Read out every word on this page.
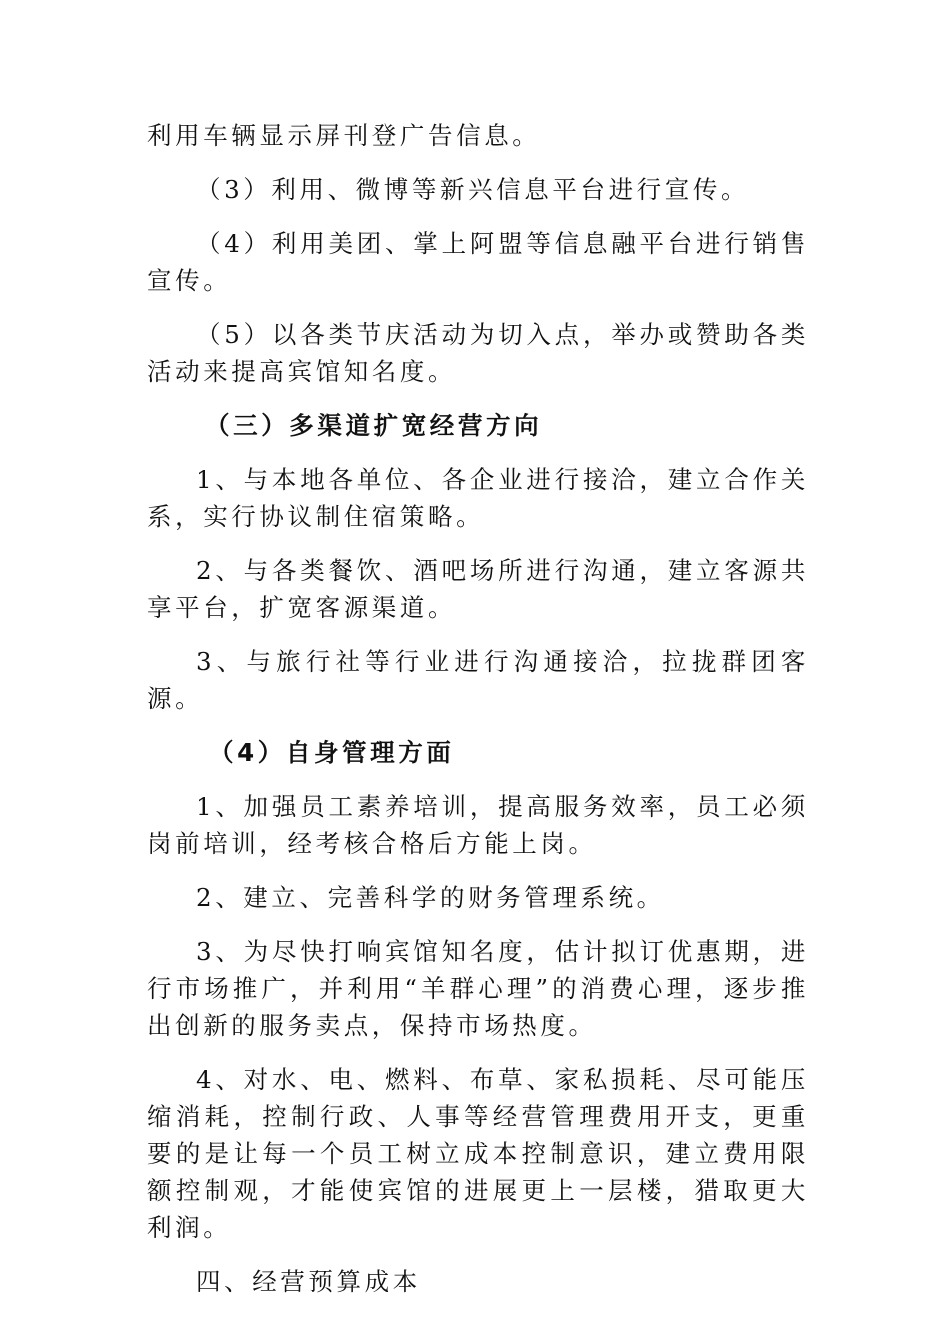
利用车辆显示屏刊登广告信息。

（3）利用、微博等新兴信息平台进行宣传。

（4）利用美团、掌上阿盟等信息融平台进行销售宣传。

（5）以各类节庆活动为切入点，举办或赞助各类活动来提高宾馆知名度。

（三）多渠道扩宽经营方向

1、与本地各单位、各企业进行接洽，建立合作关系，实行协议制住宿策略。

2、与各类餐饮、酒吧场所进行沟通，建立客源共享平台，扩宽客源渠道。

3、与旅行社等行业进行沟通接洽，拉拢群团客源。

（4）自身管理方面

1、加强员工素养培训，提高服务效率，员工必须岗前培训，经考核合格后方能上岗。

2、建立、完善科学的财务管理系统。

3、为尽快打响宾馆知名度，估计拟订优惠期，进行市场推广，并利用“羊群心理”的消费心理，逐步推出创新的服务卖点，保持市场热度。

4、对水、电、燃料、布草、家私损耗、尽可能压缩消耗，控制行政、人事等经营管理费用开支，更重要的是让每一个员工树立成本控制意识，建立费用限额控制观，才能使宾馆的进展更上一层楼，猎取更大利润。

四、经营预算成本
